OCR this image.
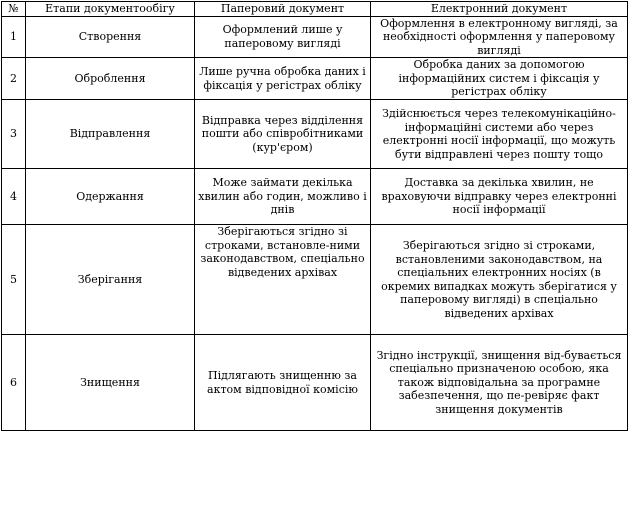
№	Етапи документообігу	Паперовий документ	Електронний документ
1	Створення	Оформлений лише у паперовому вигляді	Оформлення в електронному вигляді, за необхідності оформлення у паперовому вигляді
2	Оброблення	Лише ручна обробка даних і фіксація у регістрах обліку	Обробка даних за допомогою інформаційних систем і фіксація у регістрах обліку
3	Відправлення	Відправка через відділення пошти або співробітниками (кур'єром)	Здійснюється через телекомунікаційно-інформаційні системи або через електронні носії інформації, що можуть бути відправлені через пошту тощо
4	Одержання	Може займати декілька хвилин або годин, можливо і днів	Доставка за декілька хвилин, не враховуючи відправку через електронні носії інформації
5	Зберігання	Зберігаються згідно зі строками, встановле-ними законодавством, спеціально відведених архівах	Зберігаються згідно зі строками, встановленими законодавством, на спеціальних електронних носіях (в окремих випадках можуть зберігатися у паперовому вигляді) в спеціально відведених архівах
6	Знищення	Підлягають знищенню за актом відповідної комісію	Згідно інструкції, знищення від-бувається спеціально призначеною особою, яка також відповідальна за програмне забезпечення, що пе-ревіряє факт знищення документів
